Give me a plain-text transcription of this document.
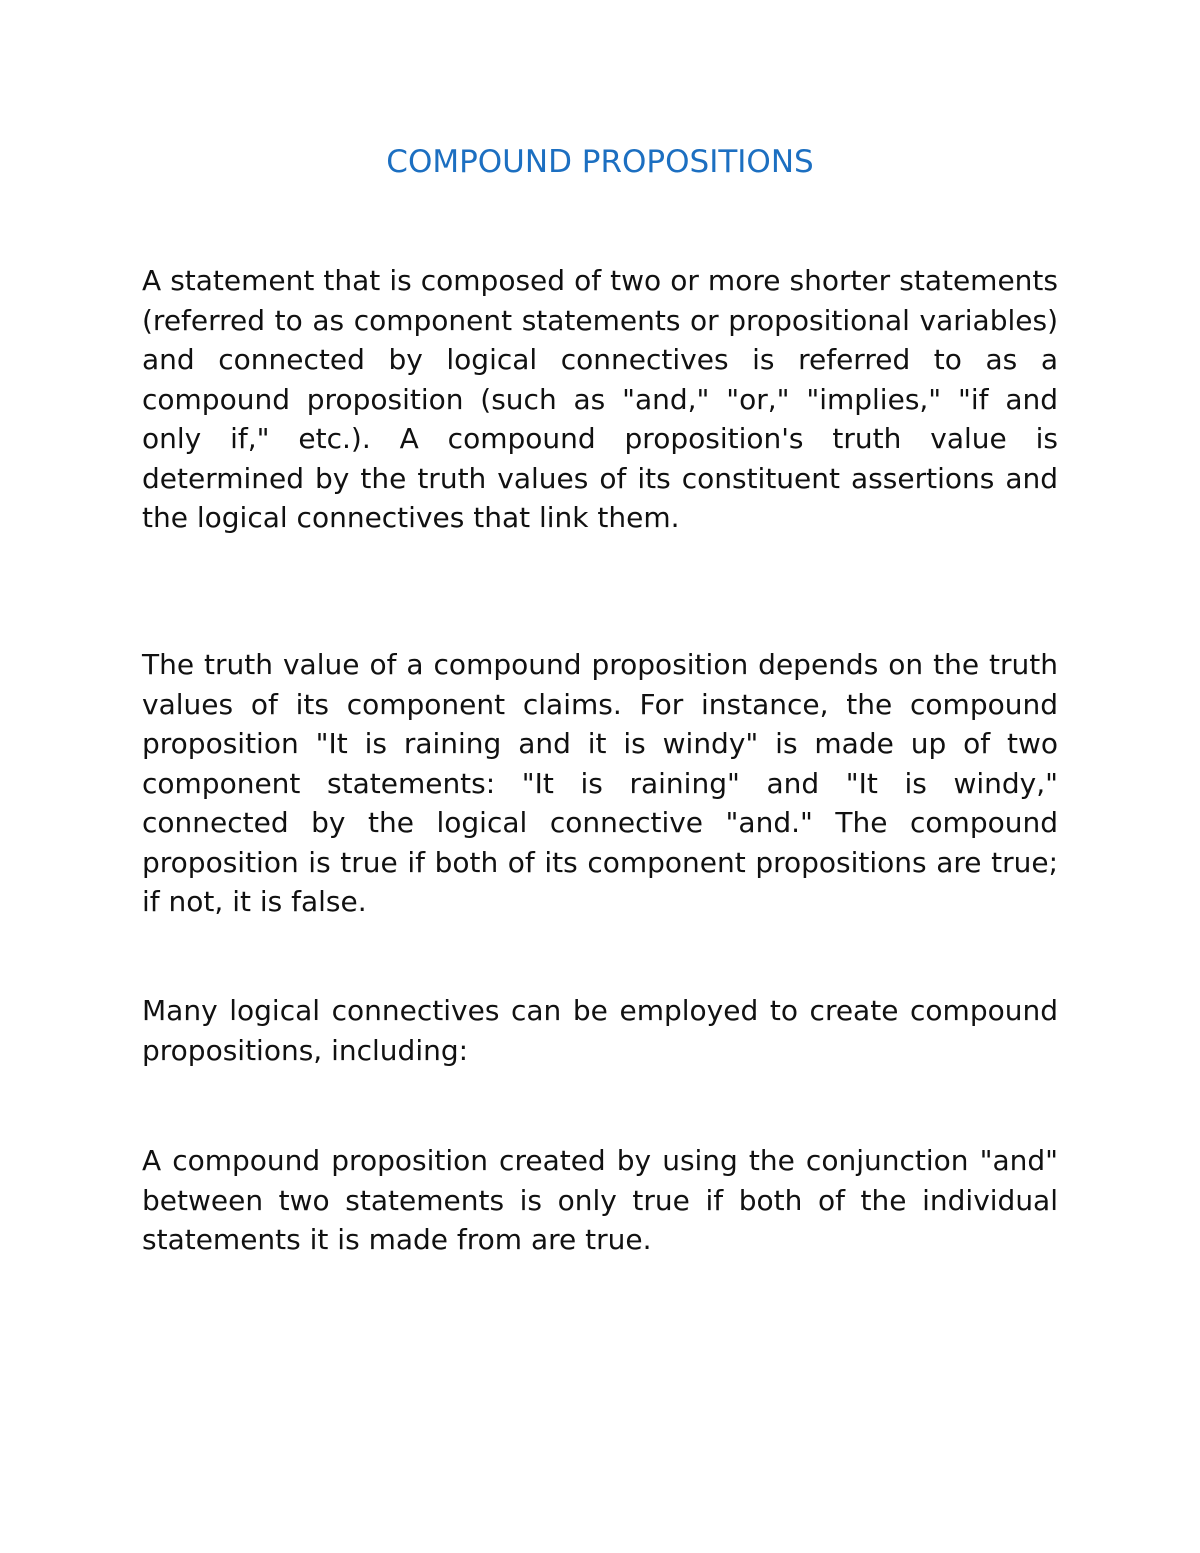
COMPOUND PROPOSITIONS

A statement that is composed of two or more shorter statements (referred to as component statements or propositional variables) and connected by logical connectives is referred to as a compound proposition (such as "and," "or," "implies," "if and only if," etc.). A compound proposition's truth value is determined by the truth values of its constituent assertions and the logical connectives that link them.

The truth value of a compound proposition depends on the truth values of its component claims. For instance, the compound proposition "It is raining and it is windy" is made up of two component statements: "It is raining" and "It is windy," connected by the logical connective "and." The compound proposition is true if both of its component propositions are true; if not, it is false.

Many logical connectives can be employed to create compound propositions, including:

A compound proposition created by using the conjunction "and" between two statements is only true if both of the individual statements it is made from are true.
